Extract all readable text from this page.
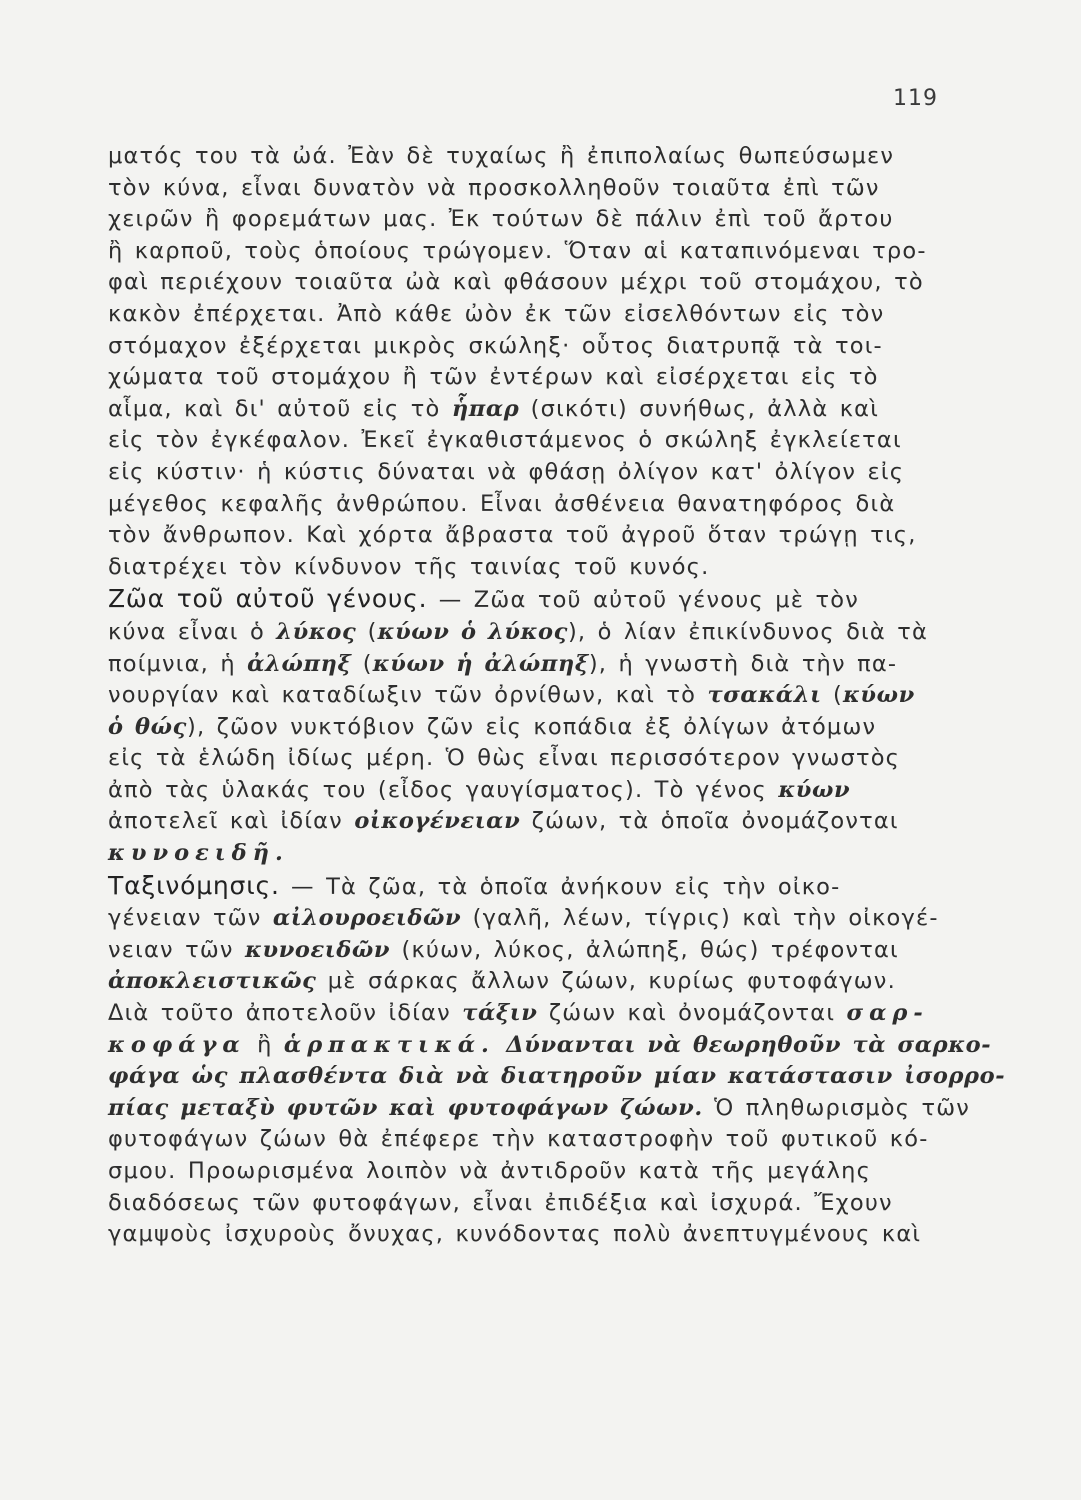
119
ματός του τὰ ὠά. Ἐὰν δὲ τυχαίως ἢ ἐπιπολαίως θωπεύσωμεν
τὸν κύνα, εἶναι δυνατὸν νὰ προσκολληθοῦν τοιαῦτα ἐπὶ τῶν
χειρῶν ἢ φορεμάτων μας. Ἐκ τούτων δὲ πάλιν ἐπὶ τοῦ ἄρτου
ἢ καρποῦ, τοὺς ὁποίους τρώγομεν. Ὅταν αἱ καταπινόμεναι τρο-
φαὶ περιέχουν τοιαῦτα ὠὰ καὶ φθάσουν μέχρι τοῦ στομάχου, τὸ
κακὸν ἐπέρχεται. Ἀπὸ κάθε ὠὸν ἐκ τῶν εἰσελθόντων εἰς τὸν
στόμαχον ἐξέρχεται μικρὸς σκώληξ· οὗτος διατρυπᾷ τὰ τοι-
χώματα τοῦ στομάχου ἢ τῶν ἐντέρων καὶ εἰσέρχεται εἰς τὸ
αἷμα, καὶ δι' αὐτοῦ εἰς τὸ ἧπαρ (σικότι) συνήθως, ἀλλὰ καὶ
εἰς τὸν ἐγκέφαλον. Ἐκεῖ ἐγκαθιστάμενος ὁ σκώληξ ἐγκλείεται
εἰς κύστιν· ἡ κύστις δύναται νὰ φθάσῃ ὀλίγον κατ' ὀλίγον εἰς
μέγεθος κεφαλῆς ἀνθρώπου. Εἶναι ἀσθένεια θανατηφόρος διὰ
τὸν ἄνθρωπον. Καὶ χόρτα ἄβραστα τοῦ ἀγροῦ ὅταν τρώγῃ τις,
διατρέχει τὸν κίνδυνον τῆς ταινίας τοῦ κυνός.
Ζῶα τοῦ αὐτοῦ γένους. — Ζῶα τοῦ αὐτοῦ γένους μὲ τὸν
κύνα εἶναι ὁ λύκος (κύων ὁ λύκος), ὁ λίαν ἐπικίνδυνος διὰ τὰ
ποίμνια, ἡ ἀλώπηξ (κύων ἡ ἀλώπηξ), ἡ γνωστὴ διὰ τὴν πα-
νουργίαν καὶ καταδίωξιν τῶν ὀρνίθων, καὶ τὸ τσακάλι (κύων
ὁ θώς), ζῶον νυκτόβιον ζῶν εἰς κοπάδια ἐξ ὀλίγων ἀτόμων
εἰς τὰ ἑλώδη ἰδίως μέρη. Ὁ θὼς εἶναι περισσότερον γνωστὸς
ἀπὸ τὰς ὑλακάς του (εἶδος γαυγίσματος). Τὸ γένος κύων
ἀποτελεῖ καὶ ἰδίαν οἰκογένειαν ζώων, τὰ ὁποῖα ὀνομάζονται
κυνοειδῆ.
Ταξινόμησις. — Τὰ ζῶα, τὰ ὁποῖα ἀνήκουν εἰς τὴν οἰκο-
γένειαν τῶν αἰλουροειδῶν (γαλῆ, λέων, τίγρις) καὶ τὴν οἰκογέ-
νειαν τῶν κυνοειδῶν (κύων, λύκος, ἀλώπηξ, θώς) τρέφονται
ἀποκλειστικῶς μὲ σάρκας ἄλλων ζώων, κυρίως φυτοφάγων.
Διὰ τοῦτο ἀποτελοῦν ἰδίαν τάξιν ζώων καὶ ὀνομάζονται σαρ-
κοφάγα ἢ ἁρπακτικά. Δύνανται νὰ θεωρηθοῦν τὰ σαρκο-
φάγα ὡς πλασθέντα διὰ νὰ διατηροῦν μίαν κατάστασιν ἰσορρο-
πίας μεταξὺ φυτῶν καὶ φυτοφάγων ζώων. Ὁ πληθωρισμὸς τῶν
φυτοφάγων ζώων θὰ ἐπέφερε τὴν καταστροφὴν τοῦ φυτικοῦ κό-
σμου. Προωρισμένα λοιπὸν νὰ ἀντιδροῦν κατὰ τῆς μεγάλης
διαδόσεως τῶν φυτοφάγων, εἶναι ἐπιδέξια καὶ ἰσχυρά. Ἔχουν
γαμψοὺς ἰσχυροὺς ὄνυχας, κυνόδοντας πολὺ ἀνεπτυγμένους καὶ
